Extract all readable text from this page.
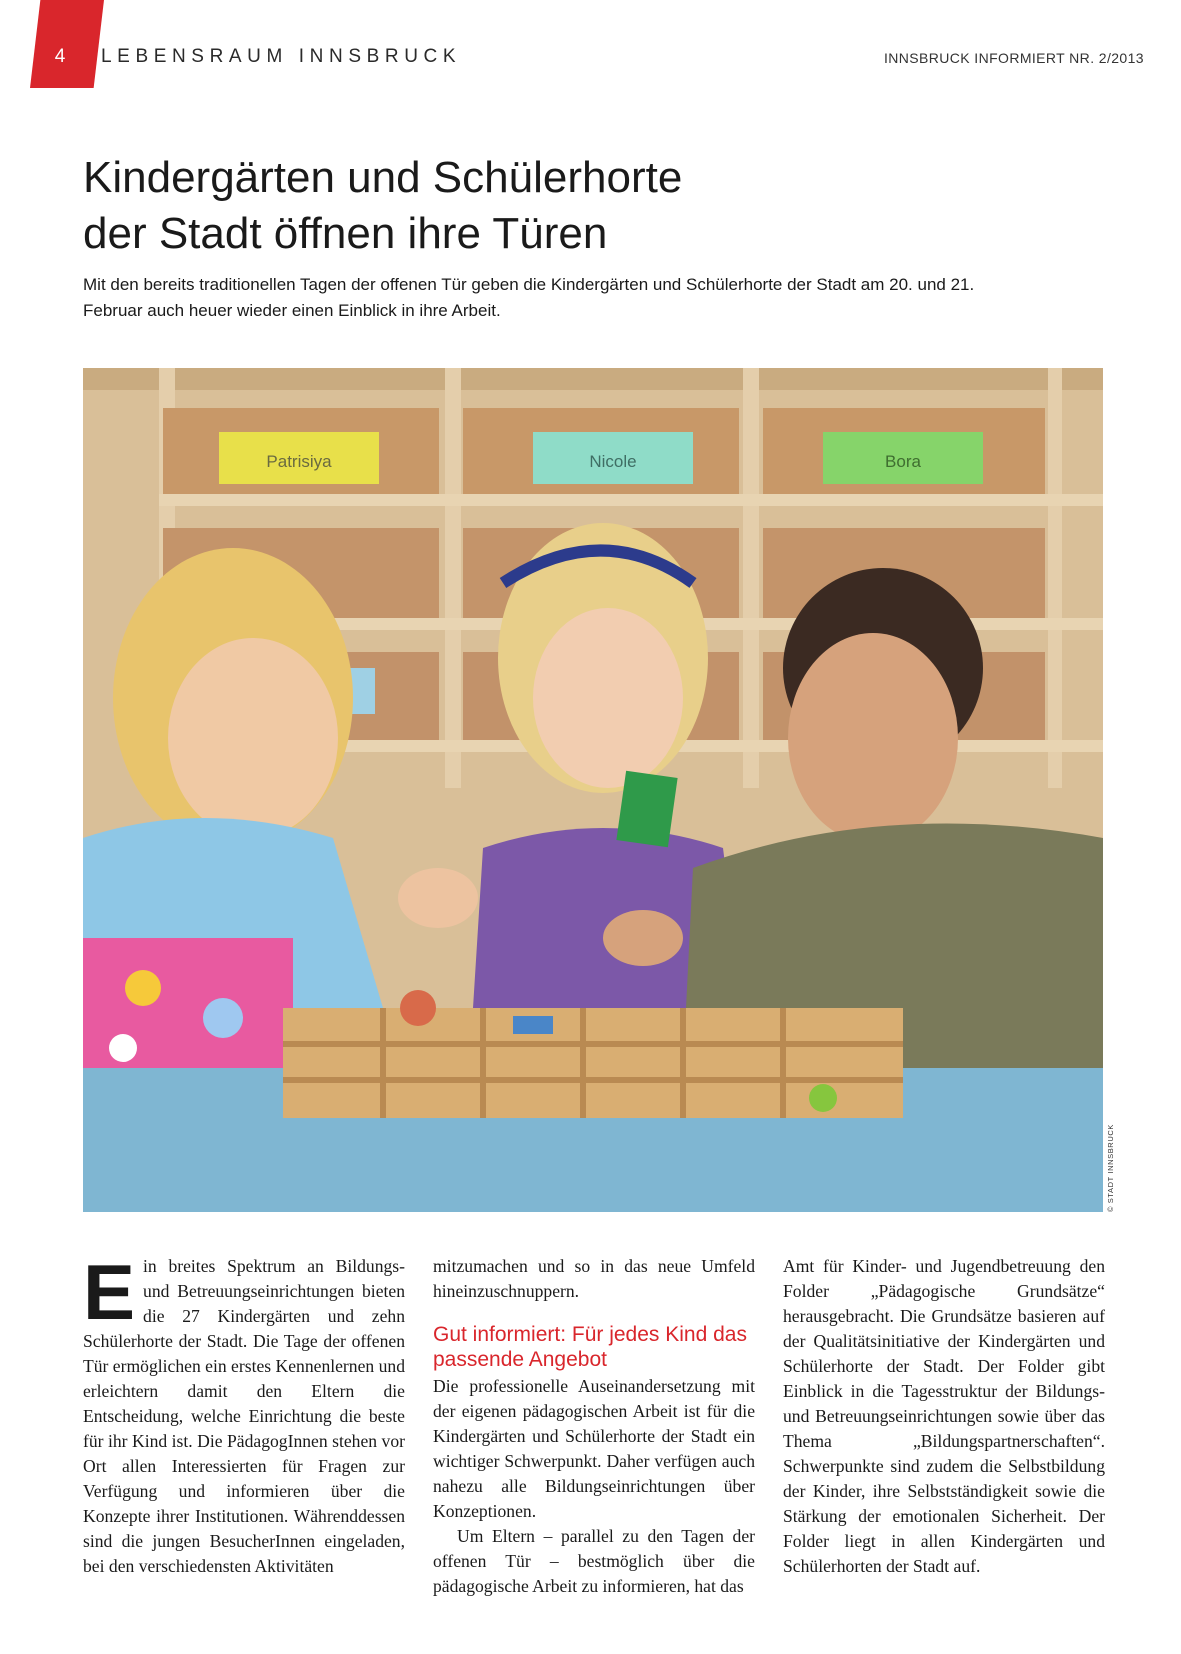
4	LEBENSRAUM INNSBRUCK	INNSBRUCK INFORMIERT NR. 2/2013
Kindergärten und Schülerhorte
der Stadt öffnen ihre Türen

Mit den bereits traditionellen Tagen der offenen Tür geben die Kindergärten und Schülerhorte der Stadt am 20. und 21. Februar auch heuer wieder einen Einblick in ihre Arbeit.

Patrisiya	Nicole	Bora
© STADT INNSBRUCK

E in breites Spektrum an Bildungs- und Betreuungseinrichtungen bieten die 27 Kindergärten und zehn Schülerhorte der Stadt. Die Tage der offenen Tür ermöglichen ein erstes Kennenlernen und erleichtern damit den Eltern die Entscheidung, welche Einrichtung die beste für ihr Kind ist. Die PädagogInnen stehen vor Ort allen Interessierten für Fragen zur Verfügung und informieren über die Konzepte ihrer Institutionen. Währenddessen sind die jungen BesucherInnen eingeladen, bei den verschiedensten Aktivitäten

mitzumachen und so in das neue Umfeld hineinzuschnuppern.

Gut informiert: Für jedes Kind das passende Angebot

Die professionelle Auseinandersetzung mit der eigenen pädagogischen Arbeit ist für die Kindergärten und Schülerhorte der Stadt ein wichtiger Schwerpunkt. Daher verfügen auch nahezu alle Bildungseinrichtungen über Konzeptionen.

Um Eltern – parallel zu den Tagen der offenen Tür – bestmöglich über die pädagogische Arbeit zu informieren, hat das

Amt für Kinder- und Jugendbetreuung den Folder „Pädagogische Grundsätze“ herausgebracht. Die Grundsätze basieren auf der Qualitätsinitiative der Kindergärten und Schülerhorte der Stadt. Der Folder gibt Einblick in die Tagesstruktur der Bildungs- und Betreuungseinrichtungen sowie über das Thema „Bildungspartnerschaften“. Schwerpunkte sind zudem die Selbstbildung der Kinder, ihre Selbstständigkeit sowie die Stärkung der emotionalen Sicherheit. Der Folder liegt in allen Kindergärten und Schülerhorten der Stadt auf.
